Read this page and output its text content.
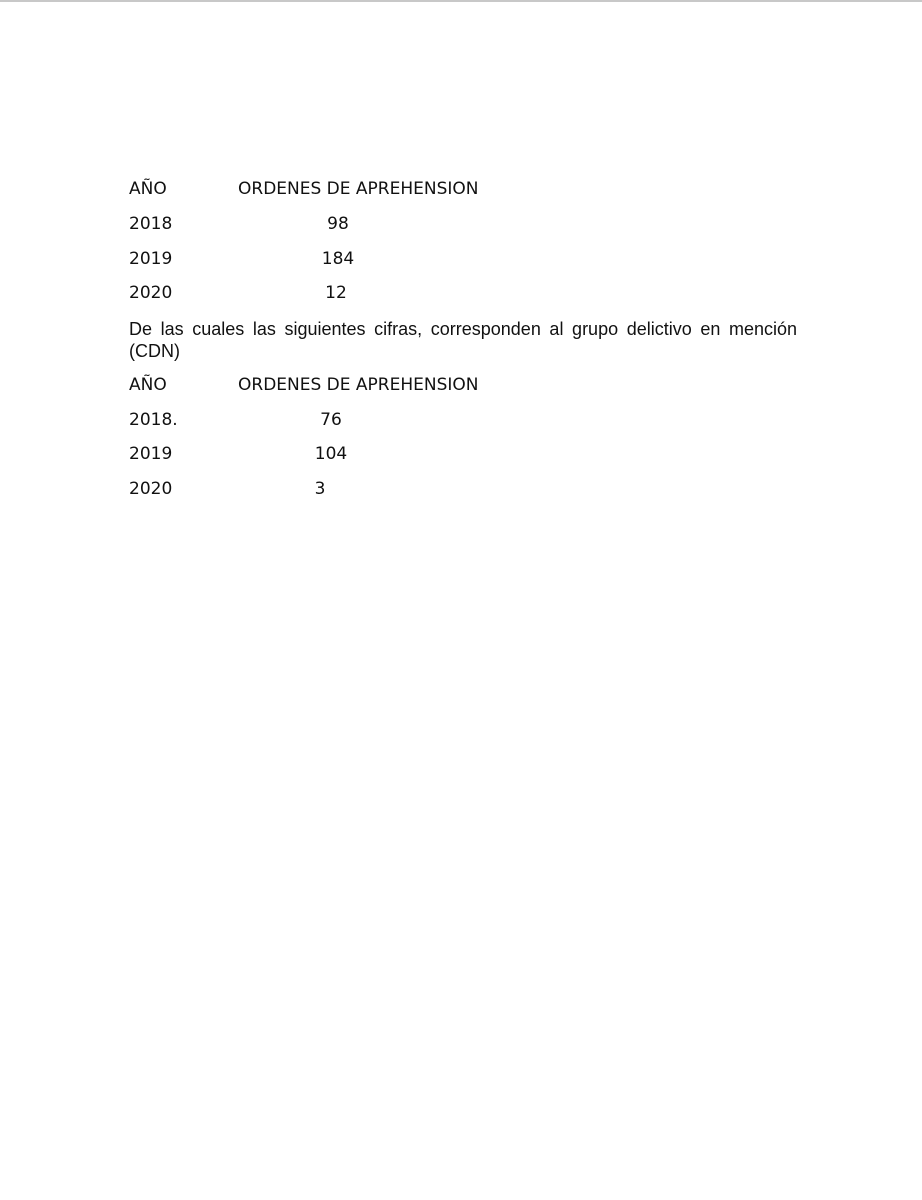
AÑO	ORDENES DE APREHENSION
2018	98
2019	184
2020	12
De las cuales las siguientes cifras, corresponden al grupo delictivo en mención (CDN)
AÑO	ORDENES DE APREHENSION
2018.	76
2019	104
2020	3
